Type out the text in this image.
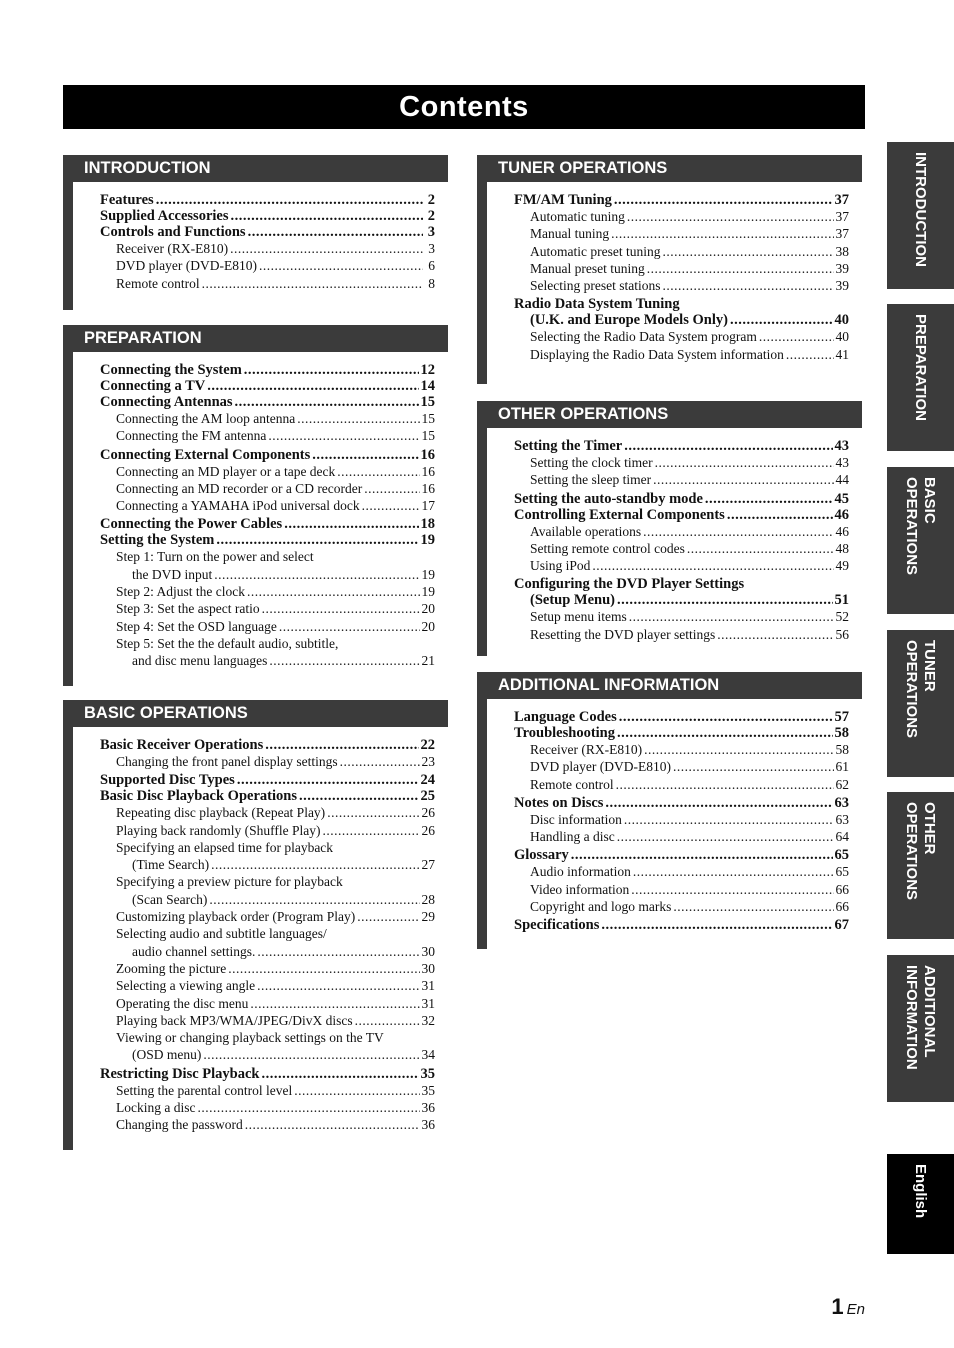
Contents
INTRODUCTION
Features .....	2
Supplied Accessories .....	2
Controls and Functions .....	3
Receiver (RX-E810) .....	3
DVD player (DVD-E810) .....	6
Remote control .....	8
PREPARATION
Connecting the System .....	12
Connecting a TV .....	14
Connecting Antennas .....	15
Connecting the AM loop antenna .....	15
Connecting the FM antenna .....	15
Connecting External Components .....	16
Connecting an MD player or a tape deck .....	16
Connecting an MD recorder or a CD recorder .....	16
Connecting a YAMAHA iPod universal dock .....	17
Connecting the Power Cables .....	18
Setting the System .....	19
Step 1: Turn on the power and select
the DVD input .....	19
Step 2: Adjust the clock .....	19
Step 3: Set the aspect ratio .....	20
Step 4: Set the OSD language .....	20
Step 5: Set the the default audio, subtitle,
and disc menu languages .....	21
BASIC OPERATIONS
Basic Receiver Operations .....	22
Changing the front panel display settings .....	23
Supported Disc Types .....	24
Basic Disc Playback Operations .....	25
Repeating disc playback (Repeat Play) .....	26
Playing back randomly (Shuffle Play) .....	26
Specifying an elapsed time for playback
(Time Search) .....	27
Specifying a preview picture for playback
(Scan Search) .....	28
Customizing playback order (Program Play) .....	29
Selecting audio and subtitle languages/
audio channel settings. .....	30
Zooming the picture .....	30
Selecting a viewing angle .....	31
Operating the disc menu .....	31
Playing back MP3/WMA/JPEG/DivX discs .....	32
Viewing or changing playback settings on the TV
(OSD menu) .....	34
Restricting Disc Playback .....	35
Setting the parental control level .....	35
Locking a disc .....	36
Changing the password .....	36
TUNER OPERATIONS
FM/AM Tuning .....	37
Automatic tuning .....	37
Manual tuning .....	37
Automatic preset tuning .....	38
Manual preset tuning .....	39
Selecting preset stations .....	39
Radio Data System Tuning
(U.K. and Europe Models Only) .....	40
Selecting the Radio Data System program .....	40
Displaying the Radio Data System information .....	41
OTHER OPERATIONS
Setting the Timer .....	43
Setting the clock timer .....	43
Setting the sleep timer .....	44
Setting the auto-standby mode .....	45
Controlling External Components .....	46
Available operations .....	46
Setting remote control codes .....	48
Using iPod .....	49
Configuring the DVD Player Settings
(Setup Menu) .....	51
Setup menu items .....	52
Resetting the DVD player settings .....	56
ADDITIONAL INFORMATION
Language Codes .....	57
Troubleshooting .....	58
Receiver (RX-E810) .....	58
DVD player (DVD-E810) .....	61
Remote control .....	62
Notes on Discs .....	63
Disc information .....	63
Handling a disc .....	64
Glossary .....	65
Audio information .....	65
Video information .....	66
Copyright and logo marks .....	66
Specifications .....	67
INTRODUCTION
PREPARATION
BASIC
OPERATIONS
TUNER
OPERATIONS
OTHER
OPERATIONS
ADDITIONAL
INFORMATION
English
1 En
